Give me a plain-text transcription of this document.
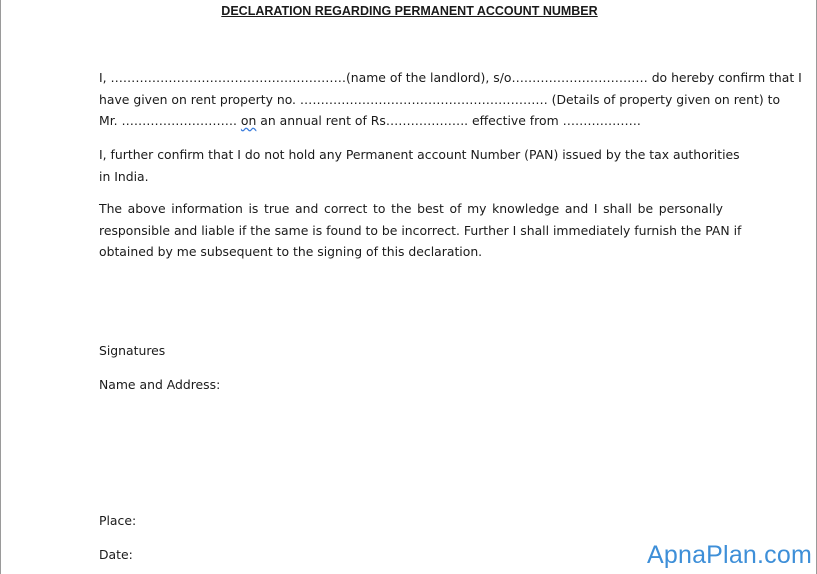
DECLARATION REGARDING PERMANENT ACCOUNT NUMBER
I, …………………………………………………(name of the landlord), s/o…………………………… do hereby confirm that I
have given on rent property no. …………………………………………………… (Details of property given on rent) to
Mr. ………………………. on an annual rent of Rs……………….. effective from ……………….
I, further confirm that I do not hold any Permanent account Number (PAN) issued by the tax authorities
in India.
The above information is true and correct to the best of my knowledge and I shall be personally
responsible and liable if the same is found to be incorrect. Further I shall immediately furnish the PAN if
obtained by me subsequent to the signing of this declaration.
Signatures
Name and Address:
Place:
Date:	ApnaPlan.com
